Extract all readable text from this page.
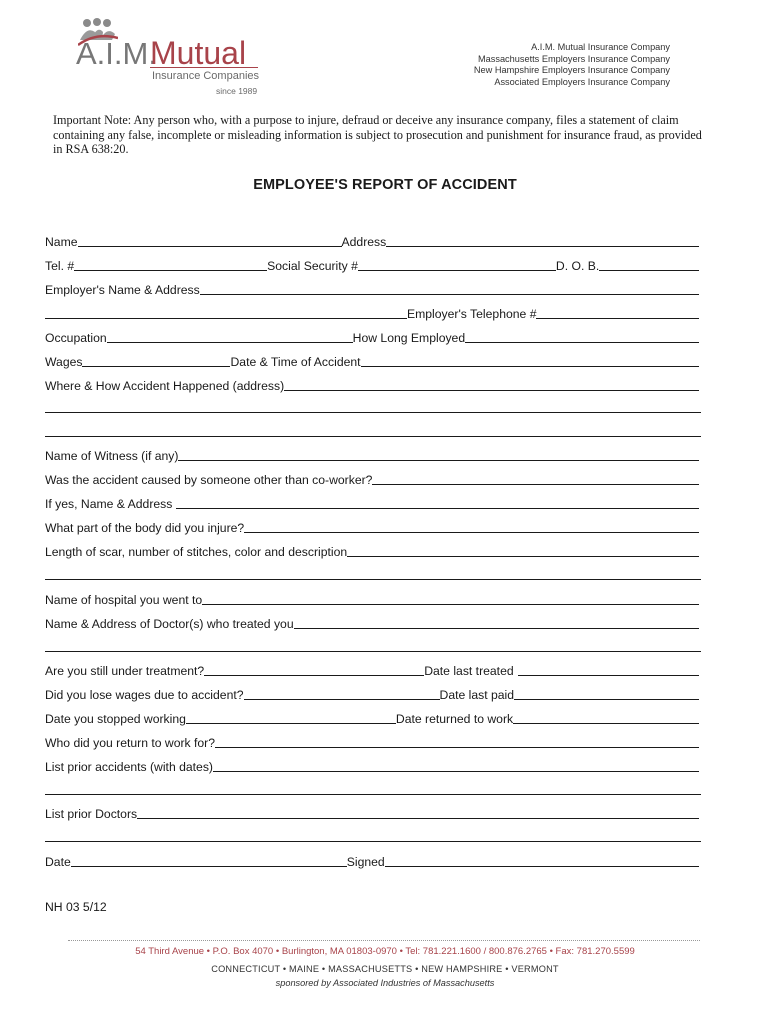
A.I.M.
Mutual
Insurance Companies
since 1989
A.I.M. Mutual Insurance Company
Massachusetts Employers Insurance Company
New Hampshire Employers Insurance Company
Associated Employers Insurance Company
Important Note: Any person who, with a purpose to injure, defraud or deceive any insurance company, files a statement of claim containing any false, incomplete or misleading information is subject to prosecution and punishment for insurance fraud, as provided in RSA 638:20.
EMPLOYEE'S REPORT OF ACCIDENT
Name	Address
Tel. #	Social Security #	D. O. B.
Employer's Name & Address
Employer's Telephone #
Occupation	How Long Employed
Wages	Date & Time of Accident
Where & How Accident Happened (address)
Name of Witness (if any)
Was the accident caused by someone other than co-worker?
If yes, Name & Address
What part of the body did you injure?
Length of scar, number of stitches, color and description
Name of hospital you went to
Name & Address of Doctor(s) who treated you
Are you still under treatment?	Date last treated
Did you lose wages due to accident?	Date last paid
Date you stopped working	Date returned to work
Who did you return to work for?
List prior accidents (with dates)
List prior Doctors
Date	Signed
NH 03 5/12
54 Third Avenue • P.O. Box 4070 • Burlington, MA 01803-0970 • Tel: 781.221.1600 / 800.876.2765 • Fax: 781.270.5599
CONNECTICUT • MAINE • MASSACHUSETTS • NEW HAMPSHIRE • VERMONT
sponsored by Associated Industries of Massachusetts
